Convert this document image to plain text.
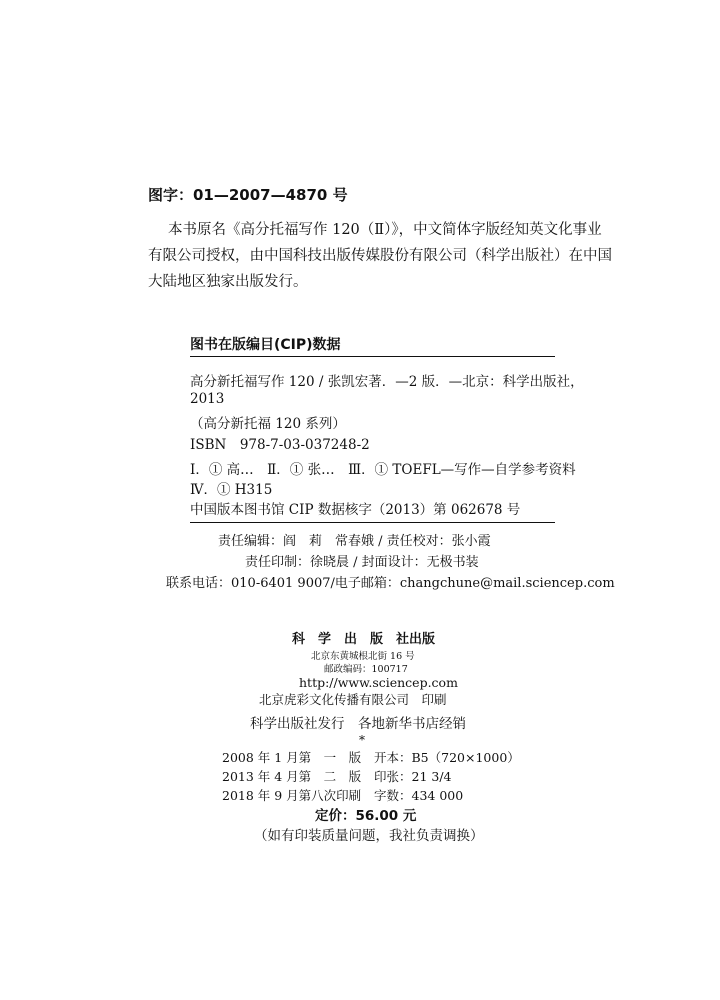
图字：01—2007—4870 号

本书原名《高分托福写作 120（Ⅱ）》，中文简体字版经知英文化事业

有限公司授权，由中国科技出版传媒股份有限公司（科学出版社）在中国

大陆地区独家出版发行。

图书在版编目(CIP)数据
高分新托福写作 120 / 张凯宏著．—2 版．—北京：科学出版社，
2013
（高分新托福 120 系列）
ISBN　978-7-03-037248-2
Ⅰ．① 高…　Ⅱ．① 张…　Ⅲ．① TOEFL—写作—自学参考资料
Ⅳ．① H315
中国版本图书馆 CIP 数据核字（2013）第 062678 号
责任编辑：阎　莉　常春娥 / 责任校对：张小霞
责任印制：徐晓晨 / 封面设计：无极书装
联系电话：010-6401 9007/电子邮箱：changchune@mail.sciencep.com
科　学　出　版　社出版
北京东黄城根北街 16 号
邮政编码：100717
http://www.sciencep.com
北京虎彩文化传播有限公司　印刷
科学出版社发行　各地新华书店经销
*
2008 年 1 月第　一　版
2013 年 4 月第　二　版
2018 年 9 月第八次印刷
开本：B5（720×1000）
印张：21 3/4
字数：434 000
定价：56.00 元
（如有印装质量问题，我社负责调换）
